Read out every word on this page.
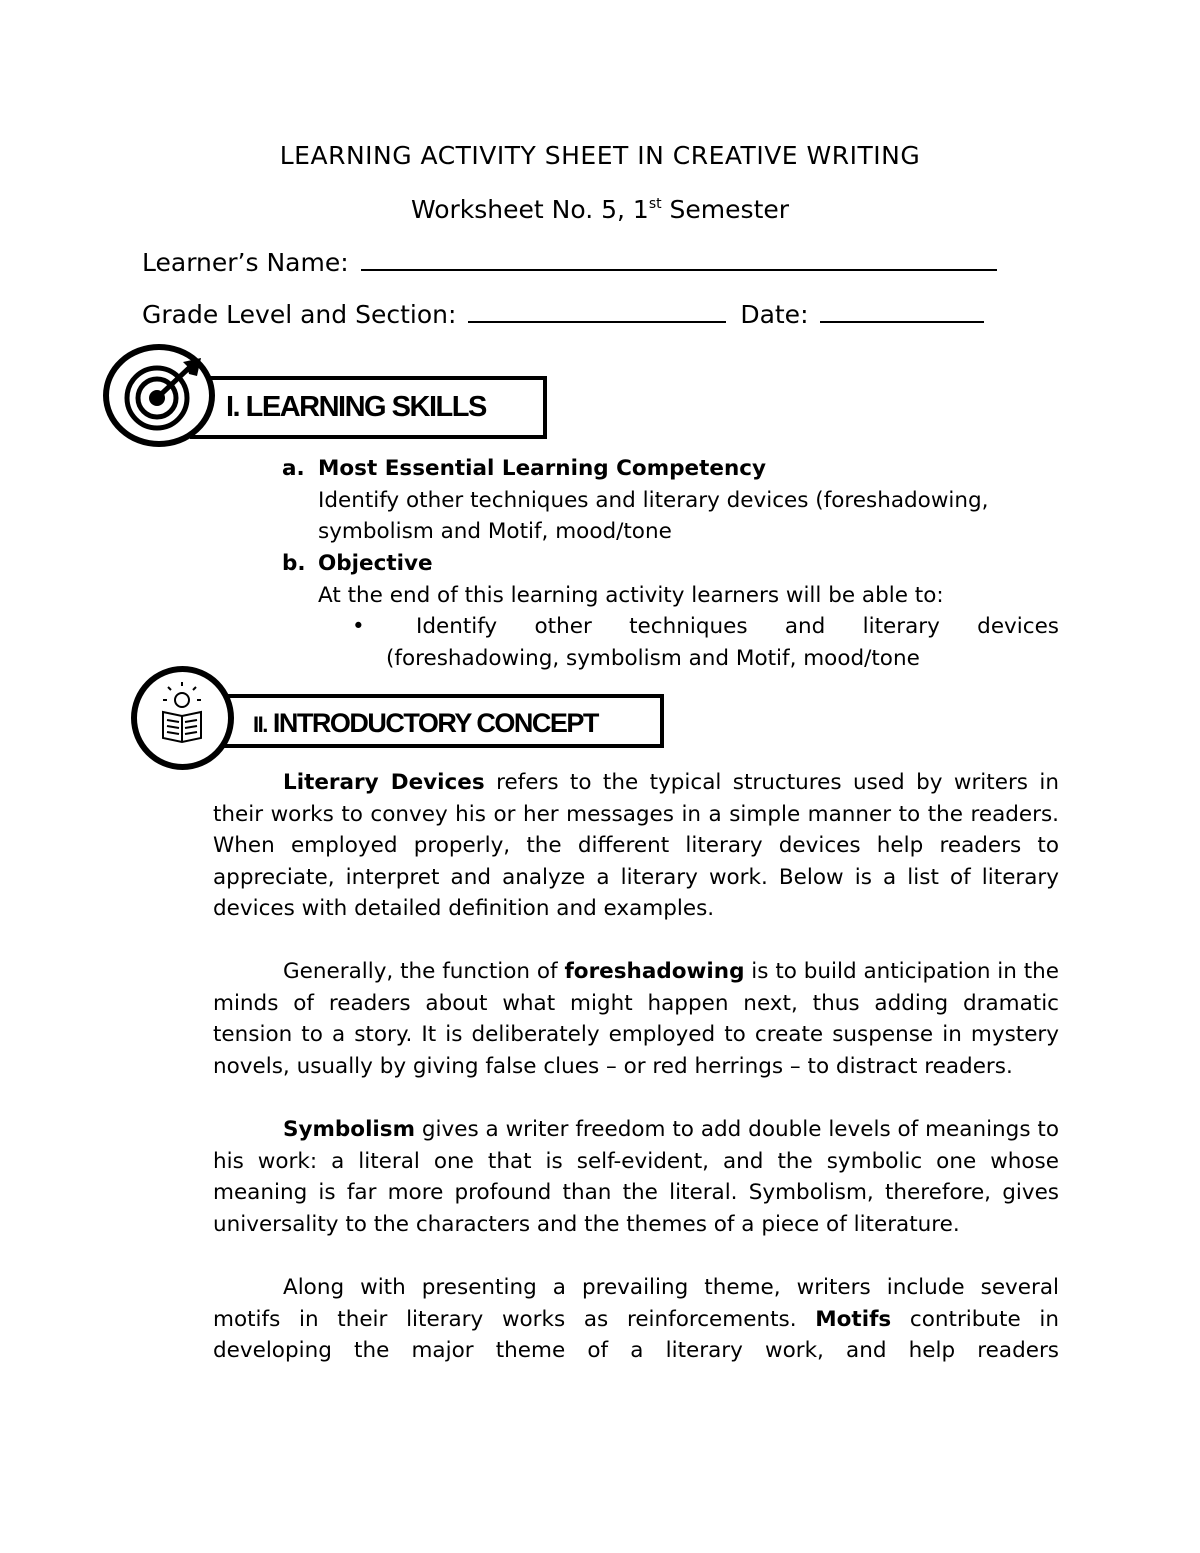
LEARNING ACTIVITY SHEET IN CREATIVE WRITING
Worksheet No. 5, 1st Semester
Learner’s Name:
Grade Level and Section:	Date:
I. LEARNING SKILLS
a. Most Essential Learning Competency
Identify other techniques and literary devices (foreshadowing,
symbolism and Motif, mood/tone
b. Objective
At the end of this learning activity learners will be able to:
• Identify other techniques and literary devices
(foreshadowing, symbolism and Motif, mood/tone
II. INTRODUCTORY CONCEPT
Literary Devices refers to the typical structures used by writers in their works to convey his or her messages in a simple manner to the readers. When employed properly, the different literary devices help readers to appreciate, interpret and analyze a literary work. Below is a list of literary devices with detailed definition and examples.
Generally, the function of foreshadowing is to build anticipation in the minds of readers about what might happen next, thus adding dramatic tension to a story. It is deliberately employed to create suspense in mystery novels, usually by giving false clues – or red herrings – to distract readers.
Symbolism gives a writer freedom to add double levels of meanings to his work: a literal one that is self-evident, and the symbolic one whose meaning is far more profound than the literal. Symbolism, therefore, gives universality to the characters and the themes of a piece of literature.
Along with presenting a prevailing theme, writers include several motifs in their literary works as reinforcements. Motifs contribute in developing the major theme of a literary work, and help readers
